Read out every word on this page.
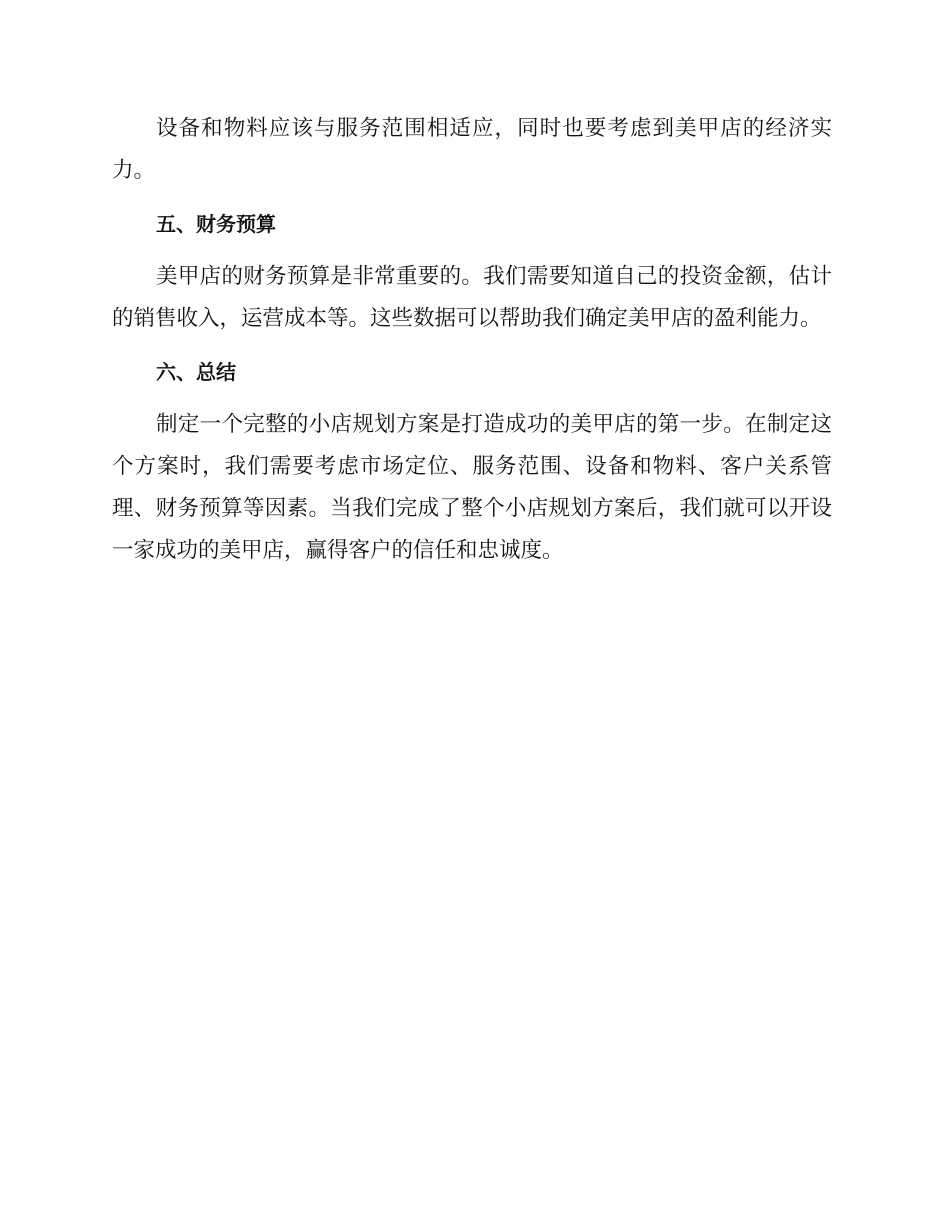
设备和物料应该与服务范围相适应，同时也要考虑到美甲店的经济实力。

五、财务预算

美甲店的财务预算是非常重要的。我们需要知道自己的投资金额，估计的销售收入，运营成本等。这些数据可以帮助我们确定美甲店的盈利能力。

六、总结

制定一个完整的小店规划方案是打造成功的美甲店的第一步。在制定这个方案时，我们需要考虑市场定位、服务范围、设备和物料、客户关系管理、财务预算等因素。当我们完成了整个小店规划方案后，我们就可以开设一家成功的美甲店，赢得客户的信任和忠诚度。
